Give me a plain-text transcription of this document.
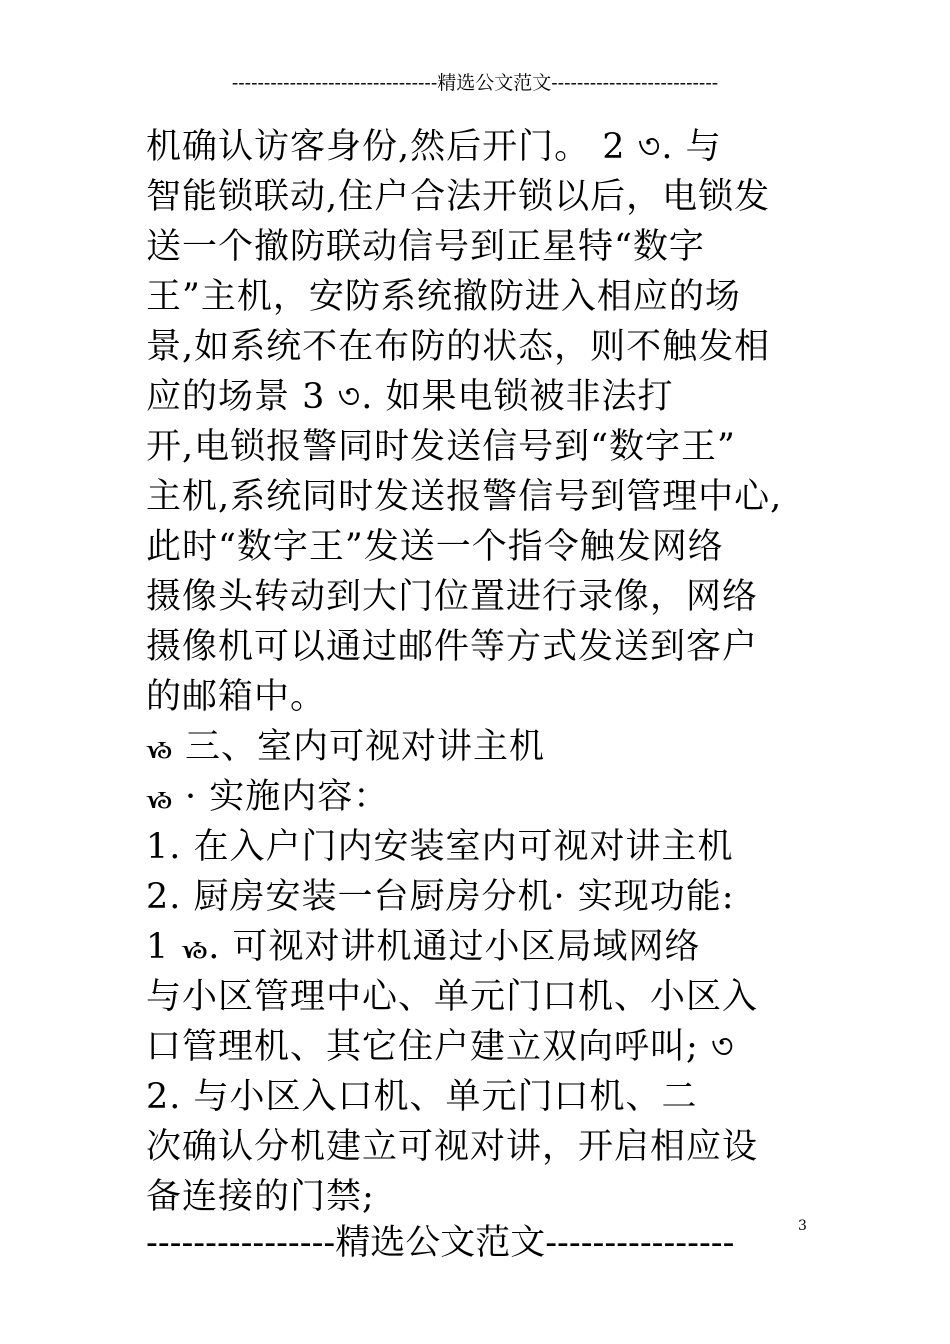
--------------------------------精选公文范文--------------------------
机确认访客身份,然后开门。 2 ৩. 与
智能锁联动,住户合法开锁以后，电锁发
送一个撤防联动信号到正星特“数字
王”主机，安防系统撤防进入相应的场
景,如系统不在布防的状态，则不触发相
应的场景 3 ৩. 如果电锁被非法打
开,电锁报警同时发送信号到“数字王”
主机,系统同时发送报警信号到管理中心,
此时“数字王”发送一个指令触发网络
摄像头转动到大门位置进行录像，网络
摄像机可以通过邮件等方式发送到客户
的邮箱中。
ᏹ 三、室内可视对讲主机
ᏹ · 实施内容：
1. 在入户门内安装室内可视对讲主机
2. 厨房安装一台厨房分机· 实现功能:
1 ᏹ. 可视对讲机通过小区局域网络
与小区管理中心、单元门口机、小区入
口管理机、其它住户建立双向呼叫; ৩
2. 与小区入口机、单元门口机、二
次确认分机建立可视对讲，开启相应设
备连接的门禁;
----------------精选公文范文----------------	3
